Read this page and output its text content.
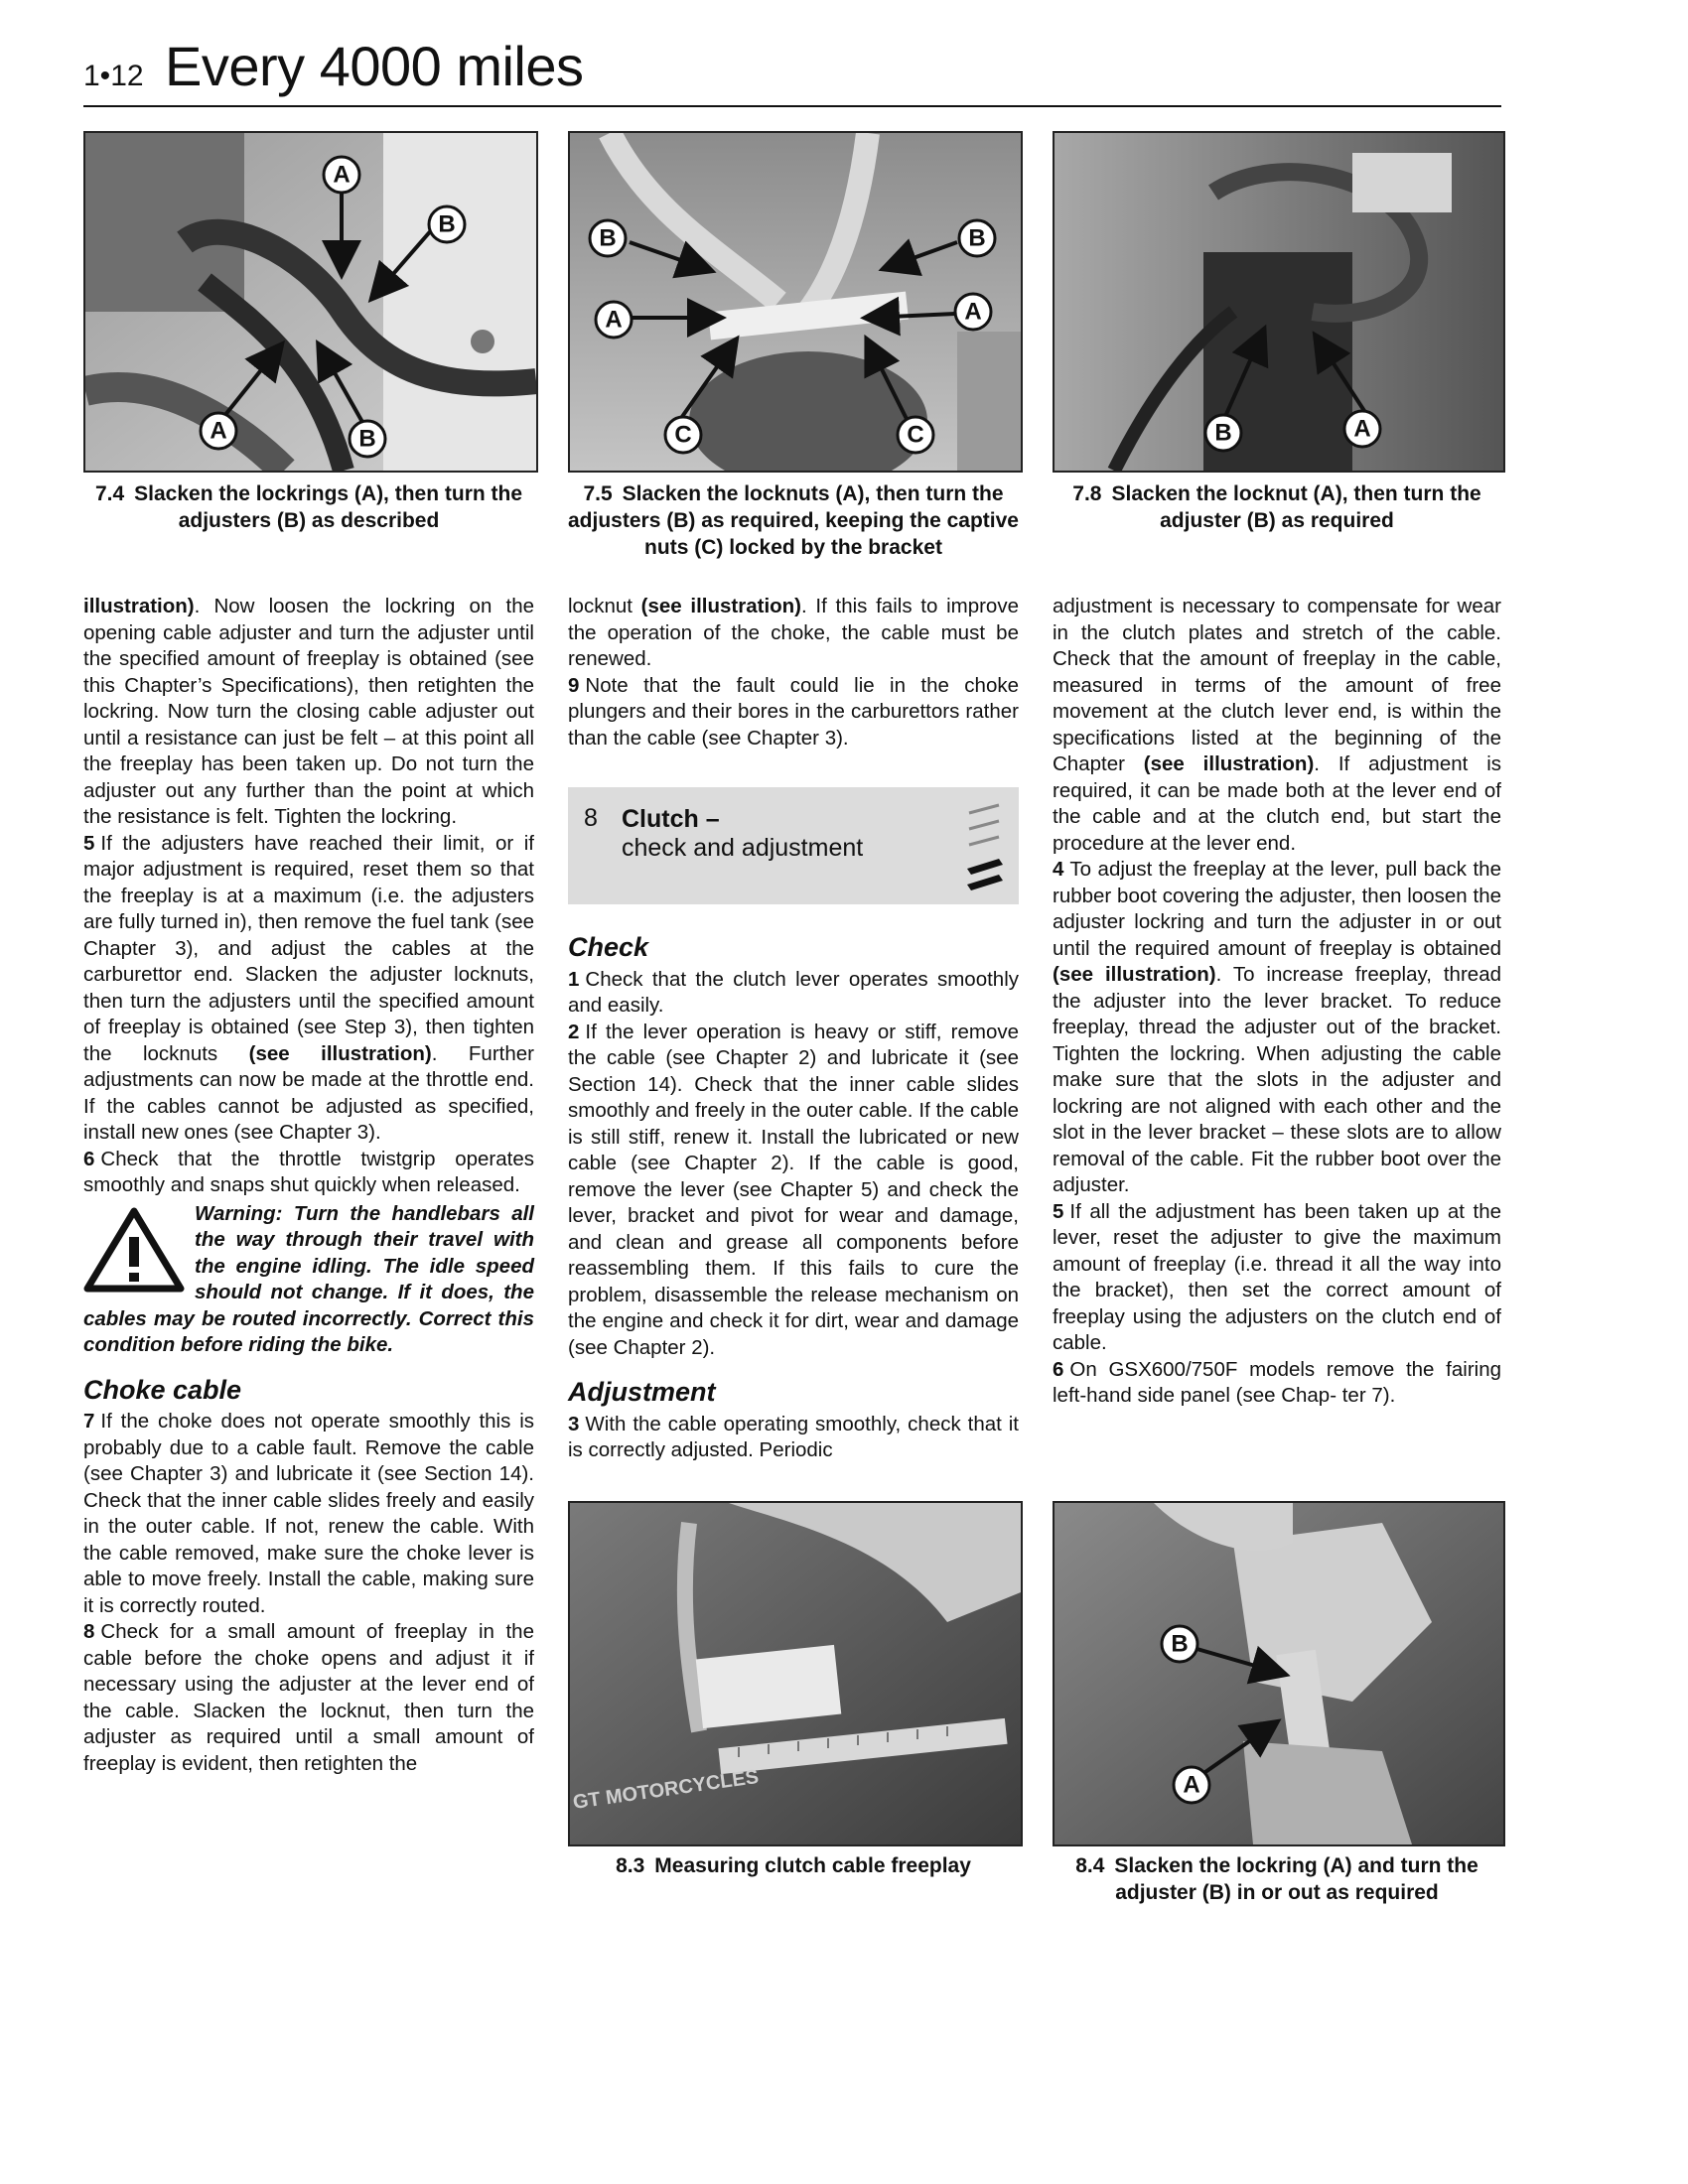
1•12 Every 4000 miles
A
B
A	B
B	B
A	A
C	C	B	A
7.4 Slacken the lockrings (A), then turn the adjusters (B) as described
7.5 Slacken the locknuts (A), then turn the adjusters (B) as required, keeping the captive nuts (C) locked by the bracket
7.8 Slacken the locknut (A), then turn the adjuster (B) as required

illustration). Now loosen the lockring on the opening cable adjuster and turn the adjuster until the specified amount of freeplay is obtained (see this Chapter’s Specifications), then retighten the lockring. Now turn the closing cable adjuster out until a resistance can just be felt – at this point all the freeplay has been taken up. Do not turn the adjuster out any further than the point at which the resistance is felt. Tighten the lockring.

5 If the adjusters have reached their limit, or if major adjustment is required, reset them so that the freeplay is at a maximum (i.e. the adjusters are fully turned in), then remove the fuel tank (see Chapter 3), and adjust the cables at the carburettor end. Slacken the adjuster locknuts, then turn the adjusters until the specified amount of freeplay is obtained (see Step 3), then tighten the locknuts (see illustration). Further adjustments can now be made at the throttle end. If the cables cannot be adjusted as specified, install new ones (see Chapter 3).

6 Check that the throttle twistgrip operates smoothly and snaps shut quickly when released.

Warning: Turn the handlebars all the way through their travel with the engine idling. The idle speed should not change. If it does, the cables may be routed incorrectly. Correct this condition before riding the bike.
Choke cable

7 If the choke does not operate smoothly this is probably due to a cable fault. Remove the cable (see Chapter 3) and lubricate it (see Section 14). Check that the inner cable slides freely and easily in the outer cable. If not, renew the cable. With the cable removed, make sure the choke lever is able to move freely. Install the cable, making sure it is correctly routed.

8 Check for a small amount of freeplay in the cable before the choke opens and adjust it if necessary using the adjuster at the lever end of the cable. Slacken the locknut, then turn the adjuster as required until a small amount of freeplay is evident, then retighten the

locknut (see illustration). If this fails to improve the operation of the choke, the cable must be renewed.

9 Note that the fault could lie in the choke plungers and their bores in the carburettors rather than the cable (see Chapter 3).

8 Clutch –
check and adjustment
Check

1 Check that the clutch lever operates smoothly and easily.

2 If the lever operation is heavy or stiff, remove the cable (see Chapter 2) and lubricate it (see Section 14). Check that the inner cable slides smoothly and freely in the outer cable. If the cable is still stiff, renew it. Install the lubricated or new cable (see Chapter 2). If the cable is good, remove the lever (see Chapter 5) and check the lever, bracket and pivot for wear and damage, and clean and grease all components before reassembling them. If this fails to cure the problem, disassemble the release mechanism on the engine and check it for dirt, wear and damage (see Chapter 2).

Adjustment

3 With the cable operating smoothly, check that it is correctly adjusted. Periodic

adjustment is necessary to compensate for wear in the clutch plates and stretch of the cable. Check that the amount of freeplay in the cable, measured in terms of the amount of free movement at the clutch lever end, is within the specifications listed at the beginning of the Chapter (see illustration). If adjustment is required, it can be made both at the lever end of the cable and at the clutch end, but start the procedure at the lever end.

4 To adjust the freeplay at the lever, pull back the rubber boot covering the adjuster, then loosen the adjuster lockring and turn the adjuster in or out until the required amount of freeplay is obtained (see illustration). To increase freeplay, thread the adjuster into the lever bracket. To reduce freeplay, thread the adjuster out of the bracket. Tighten the lockring. When adjusting the cable make sure that the slots in the adjuster and lockring are not aligned with each other and the slot in the lever bracket – these slots are to allow removal of the cable. Fit the rubber boot over the adjuster.

5 If all the adjustment has been taken up at the lever, reset the adjuster to give the maximum amount of freeplay (i.e. thread it all the way into the bracket), then set the correct amount of freeplay using the adjusters on the clutch end of cable.

6 On GSX600/750F models remove the fairing left-hand side panel (see Chap- ter 7).

GT MOTORCYCLES
B
A
8.3 Measuring clutch cable freeplay	8.4 Slacken the lockring (A) and turn the adjuster (B) in or out as required
